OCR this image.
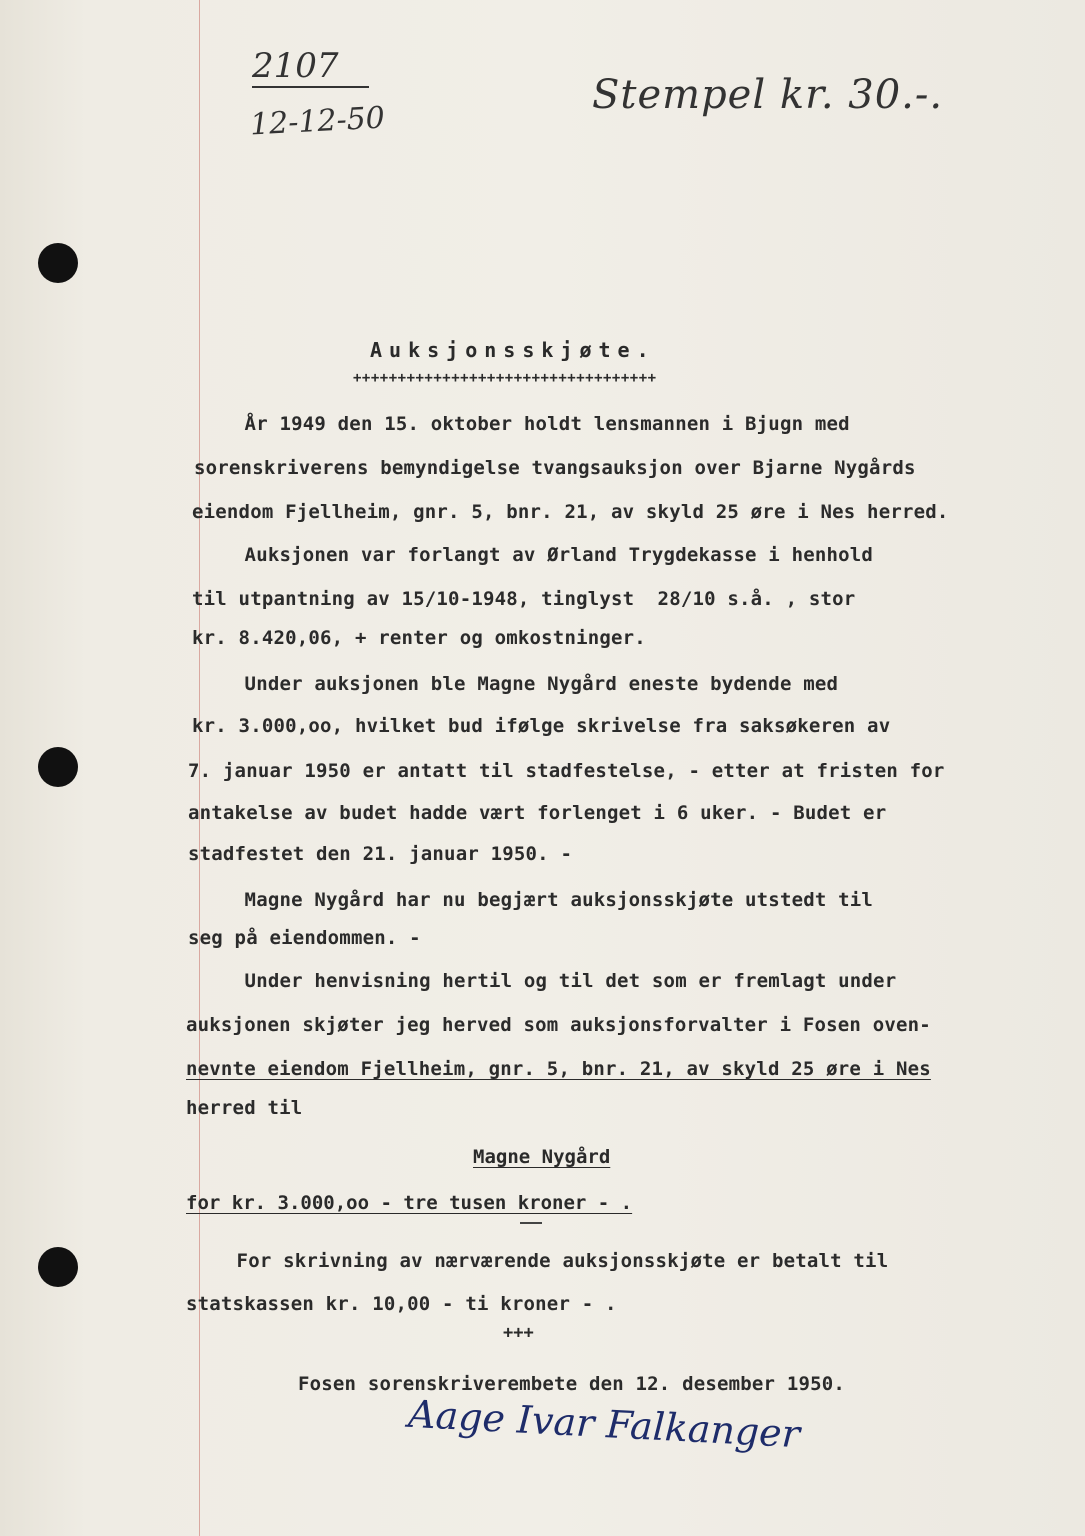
2107
12-12-50
Stempel kr. 30.-.
Auksjonsskjøte.
++++++++++++++++++++++++++++++++++
År 1949 den 15. oktober holdt lensmannen i Bjugn med
sorenskriverens bemyndigelse tvangsauksjon over Bjarne Nygårds
eiendom Fjellheim, gnr. 5, bnr. 21, av skyld 25 øre i Nes herred.
Auksjonen var forlangt av Ørland Trygdekasse i henhold
til utpantning av 15/10-1948, tinglyst  28/10 s.å. , stor
kr. 8.420,06, + renter og omkostninger.
Under auksjonen ble Magne Nygård eneste bydende med
kr. 3.000,oo, hvilket bud ifølge skrivelse fra saksøkeren av
7. januar 1950 er antatt til stadfestelse, - etter at fristen for
antakelse av budet hadde vært forlenget i 6 uker. - Budet er
stadfestet den 21. januar 1950. -
Magne Nygård har nu begjært auksjonsskjøte utstedt til
seg på eiendommen. -
Under henvisning hertil og til det som er fremlagt under
auksjonen skjøter jeg herved som auksjonsforvalter i Fosen oven-
nevnte eiendom Fjellheim, gnr. 5, bnr. 21, av skyld 25 øre i Nes
herred til
Magne Nygård
for kr. 3.000,oo - tre tusen kroner - .
For skrivning av nærværende auksjonsskjøte er betalt til
statskassen kr. 10,00 - ti kroner - .
+++
Fosen sorenskriverembete den 12. desember 1950.
Aage Ivar Falkanger
